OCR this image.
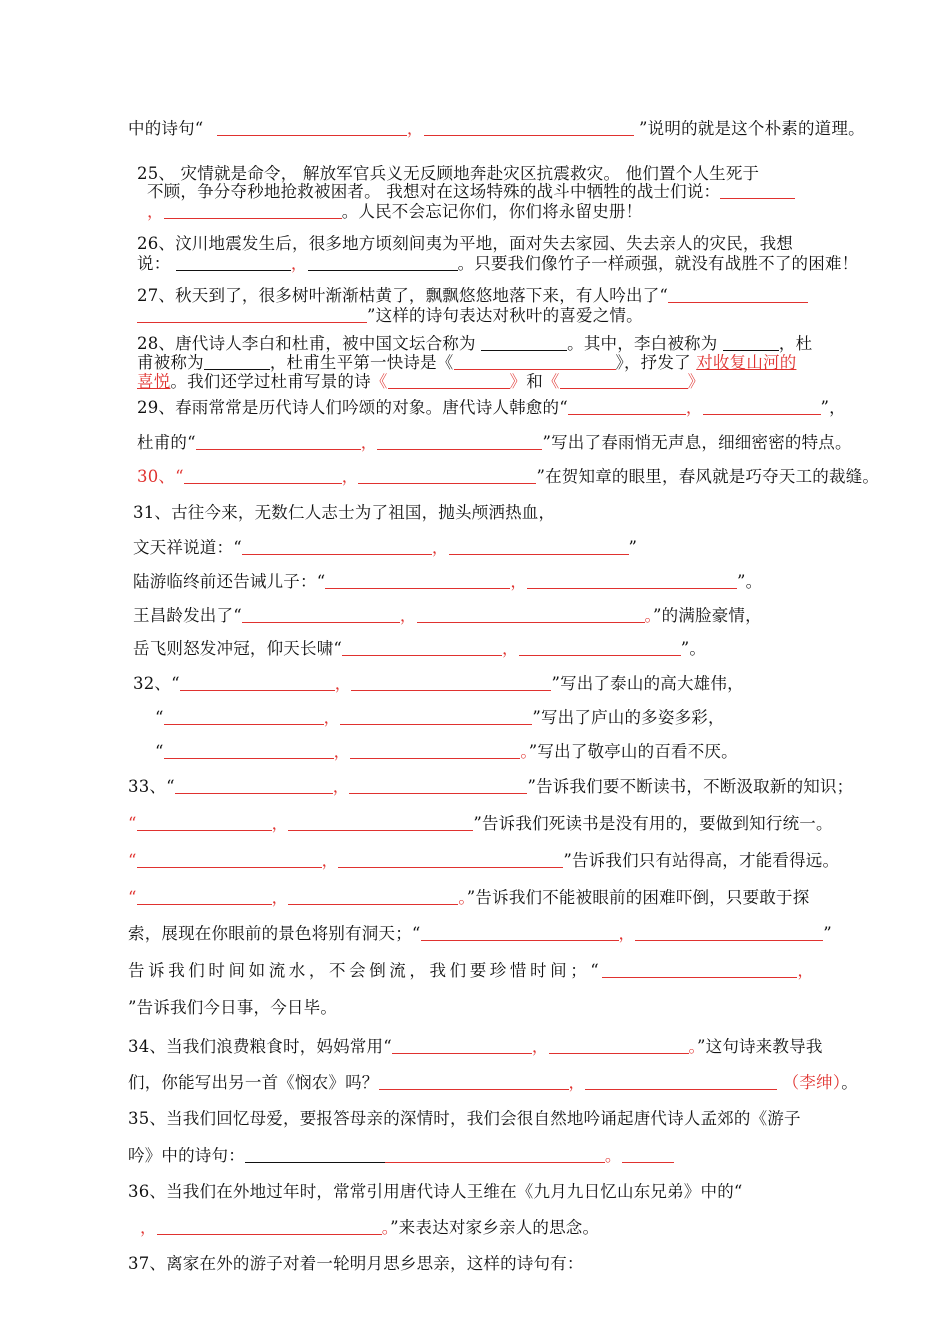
中的诗句“	，	”说明的就是这个朴素的道理。
25、 灾情就是命令， 解放军官兵义无反顾地奔赴灾区抗震救灾。 他们置个人生死于
不顾，争分夺秒地抢救被困者。 我想对在这场特殊的战斗中牺牲的战士们说：
，	。人民不会忘记你们，你们将永留史册！
26、汶川地震发生后，很多地方顷刻间夷为平地，面对失去家园、失去亲人的灾民，我想
说：	，	。只要我们像竹子一样顽强，就没有战胜不了的困难！
27、秋天到了，很多树叶渐渐枯黄了，飘飘悠悠地落下来，有人吟出了“
”这样的诗句表达对秋叶的喜爱之情。
28、唐代诗人李白和杜甫，被中国文坛合称为	。其中，李白被称为	，杜
甫被称为	，杜甫生平第一快诗是《	》，抒发了 对收复山河的
喜悦。我们还学过杜甫写景的诗《	》和《	》
29、春雨常常是历代诗人们吟颂的对象。唐代诗人韩愈的“	，	”，
杜甫的“	，	”写出了春雨悄无声息，细细密密的特点。
30、“	，	”在贺知章的眼里，春风就是巧夺天工的裁缝。
31、古往今来，无数仁人志士为了祖国，抛头颅洒热血，
文天祥说道：“	，	”
陆游临终前还告诫儿子：“	，	”。
王昌龄发出了“	，	。”的满脸豪情，
岳飞则怒发冲冠，仰天长啸“	，	”。
32、“	，	”写出了泰山的高大雄伟，
“	，	”写出了庐山的多姿多彩，
“	，	。”写出了敬亭山的百看不厌。
33、“	，	”告诉我们要不断读书，不断汲取新的知识；
“	，	”告诉我们死读书是没有用的，要做到知行统一。
“	，	”告诉我们只有站得高，才能看得远。
“	，	。”告诉我们不能被眼前的困难吓倒，只要敢于探
索，展现在你眼前的景色将别有洞天；“	，	”
告诉我们时间如流水，不会倒流，我们要珍惜时间；“	，
”告诉我们今日事，今日毕。
34、当我们浪费粮食时，妈妈常用“	，	。”这句诗来教导我
们，你能写出另一首《悯农》吗？	，	（李绅）。
35、当我们回忆母爱，要报答母亲的深情时，我们会很自然地吟诵起唐代诗人孟郊的《游子
吟》中的诗句：	。
36、当我们在外地过年时，常常引用唐代诗人王维在《九月九日忆山东兄弟》中的“
，	。”来表达对家乡亲人的思念。
37、离家在外的游子对着一轮明月思乡思亲，这样的诗句有：
